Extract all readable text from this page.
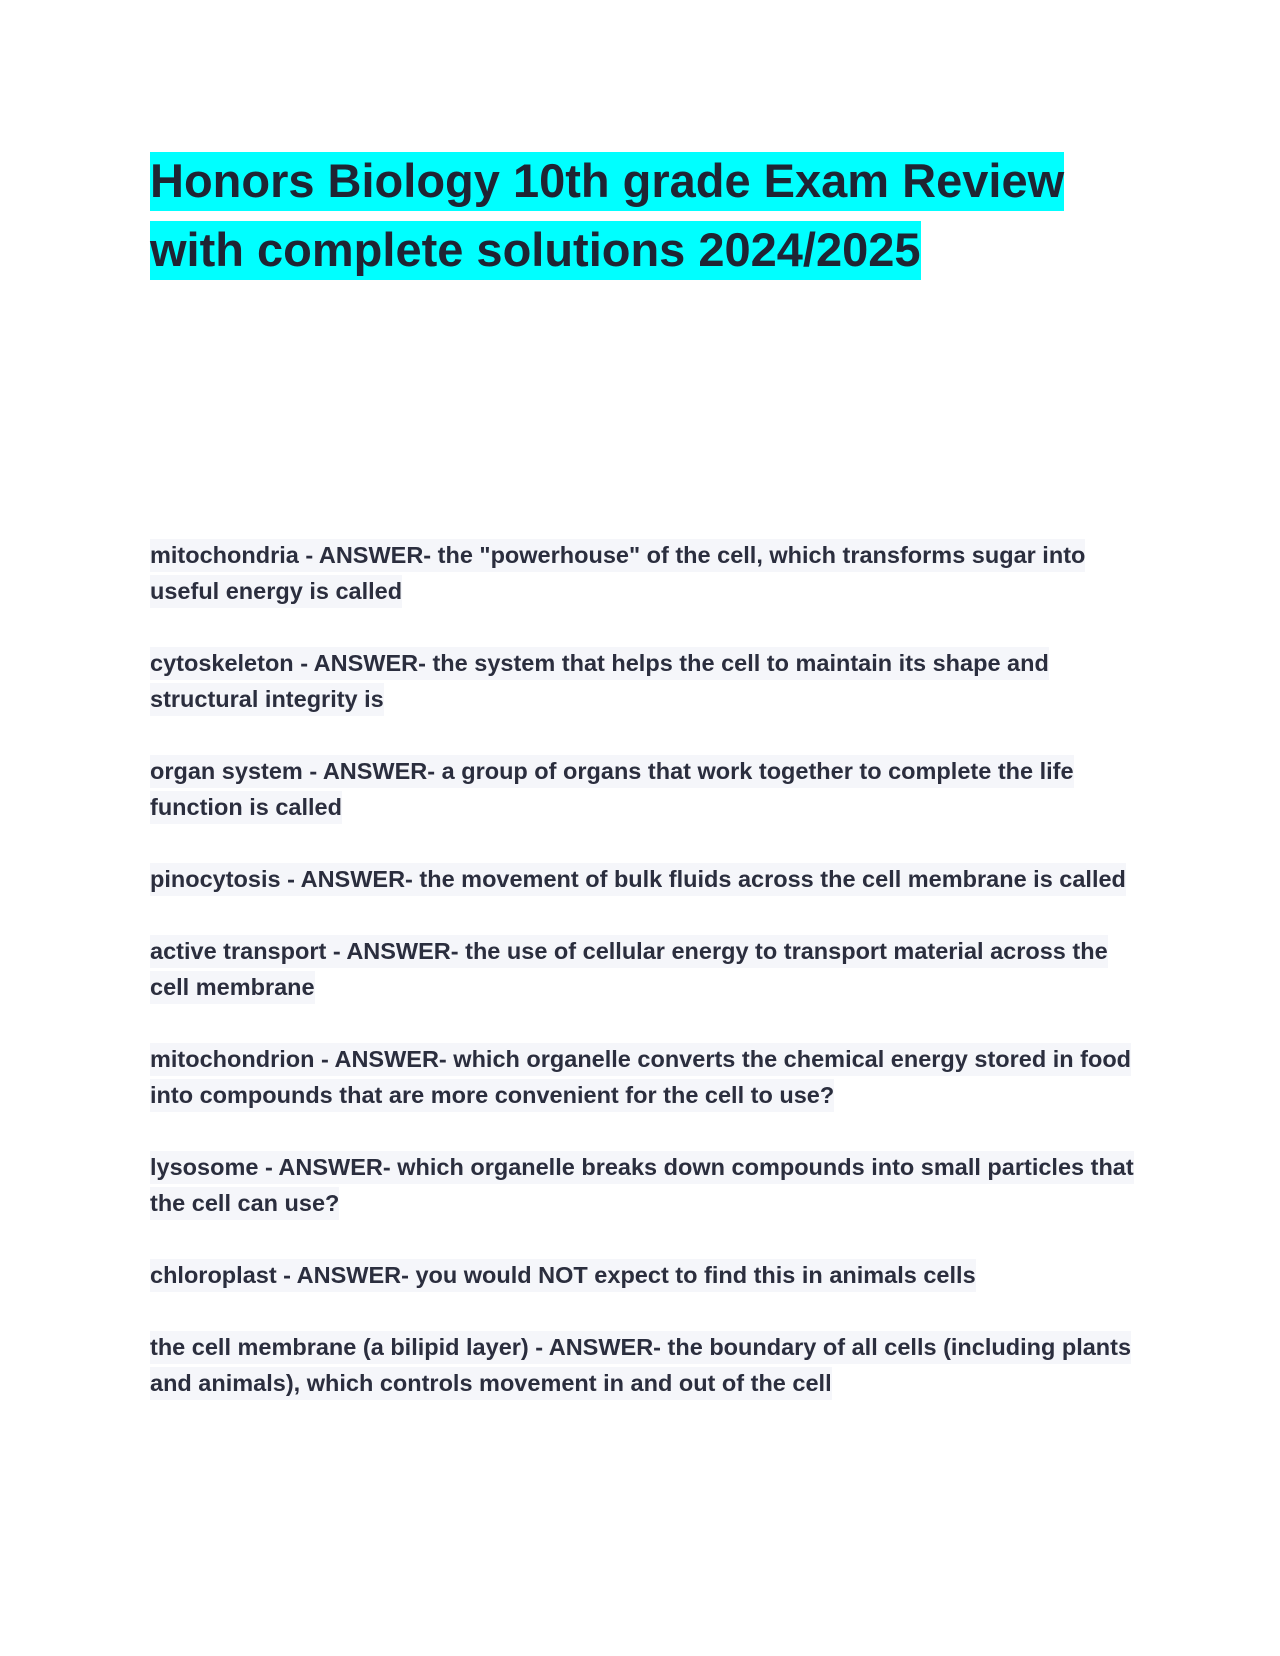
Honors Biology 10th grade Exam Review with complete solutions 2024/2025
mitochondria - ANSWER- the "powerhouse" of the cell, which transforms sugar into useful energy is called
cytoskeleton - ANSWER- the system that helps the cell to maintain its shape and structural integrity is
organ system - ANSWER- a group of organs that work together to complete the life function is called
pinocytosis - ANSWER- the movement of bulk fluids across the cell membrane is called
active transport - ANSWER- the use of cellular energy to transport material across the cell membrane
mitochondrion - ANSWER- which organelle converts the chemical energy stored in food into compounds that are more convenient for the cell to use?
lysosome - ANSWER- which organelle breaks down compounds into small particles that the cell can use?
chloroplast - ANSWER- you would NOT expect to find this in animals cells
the cell membrane (a bilipid layer) - ANSWER- the boundary of all cells (including plants and animals), which controls movement in and out of the cell
